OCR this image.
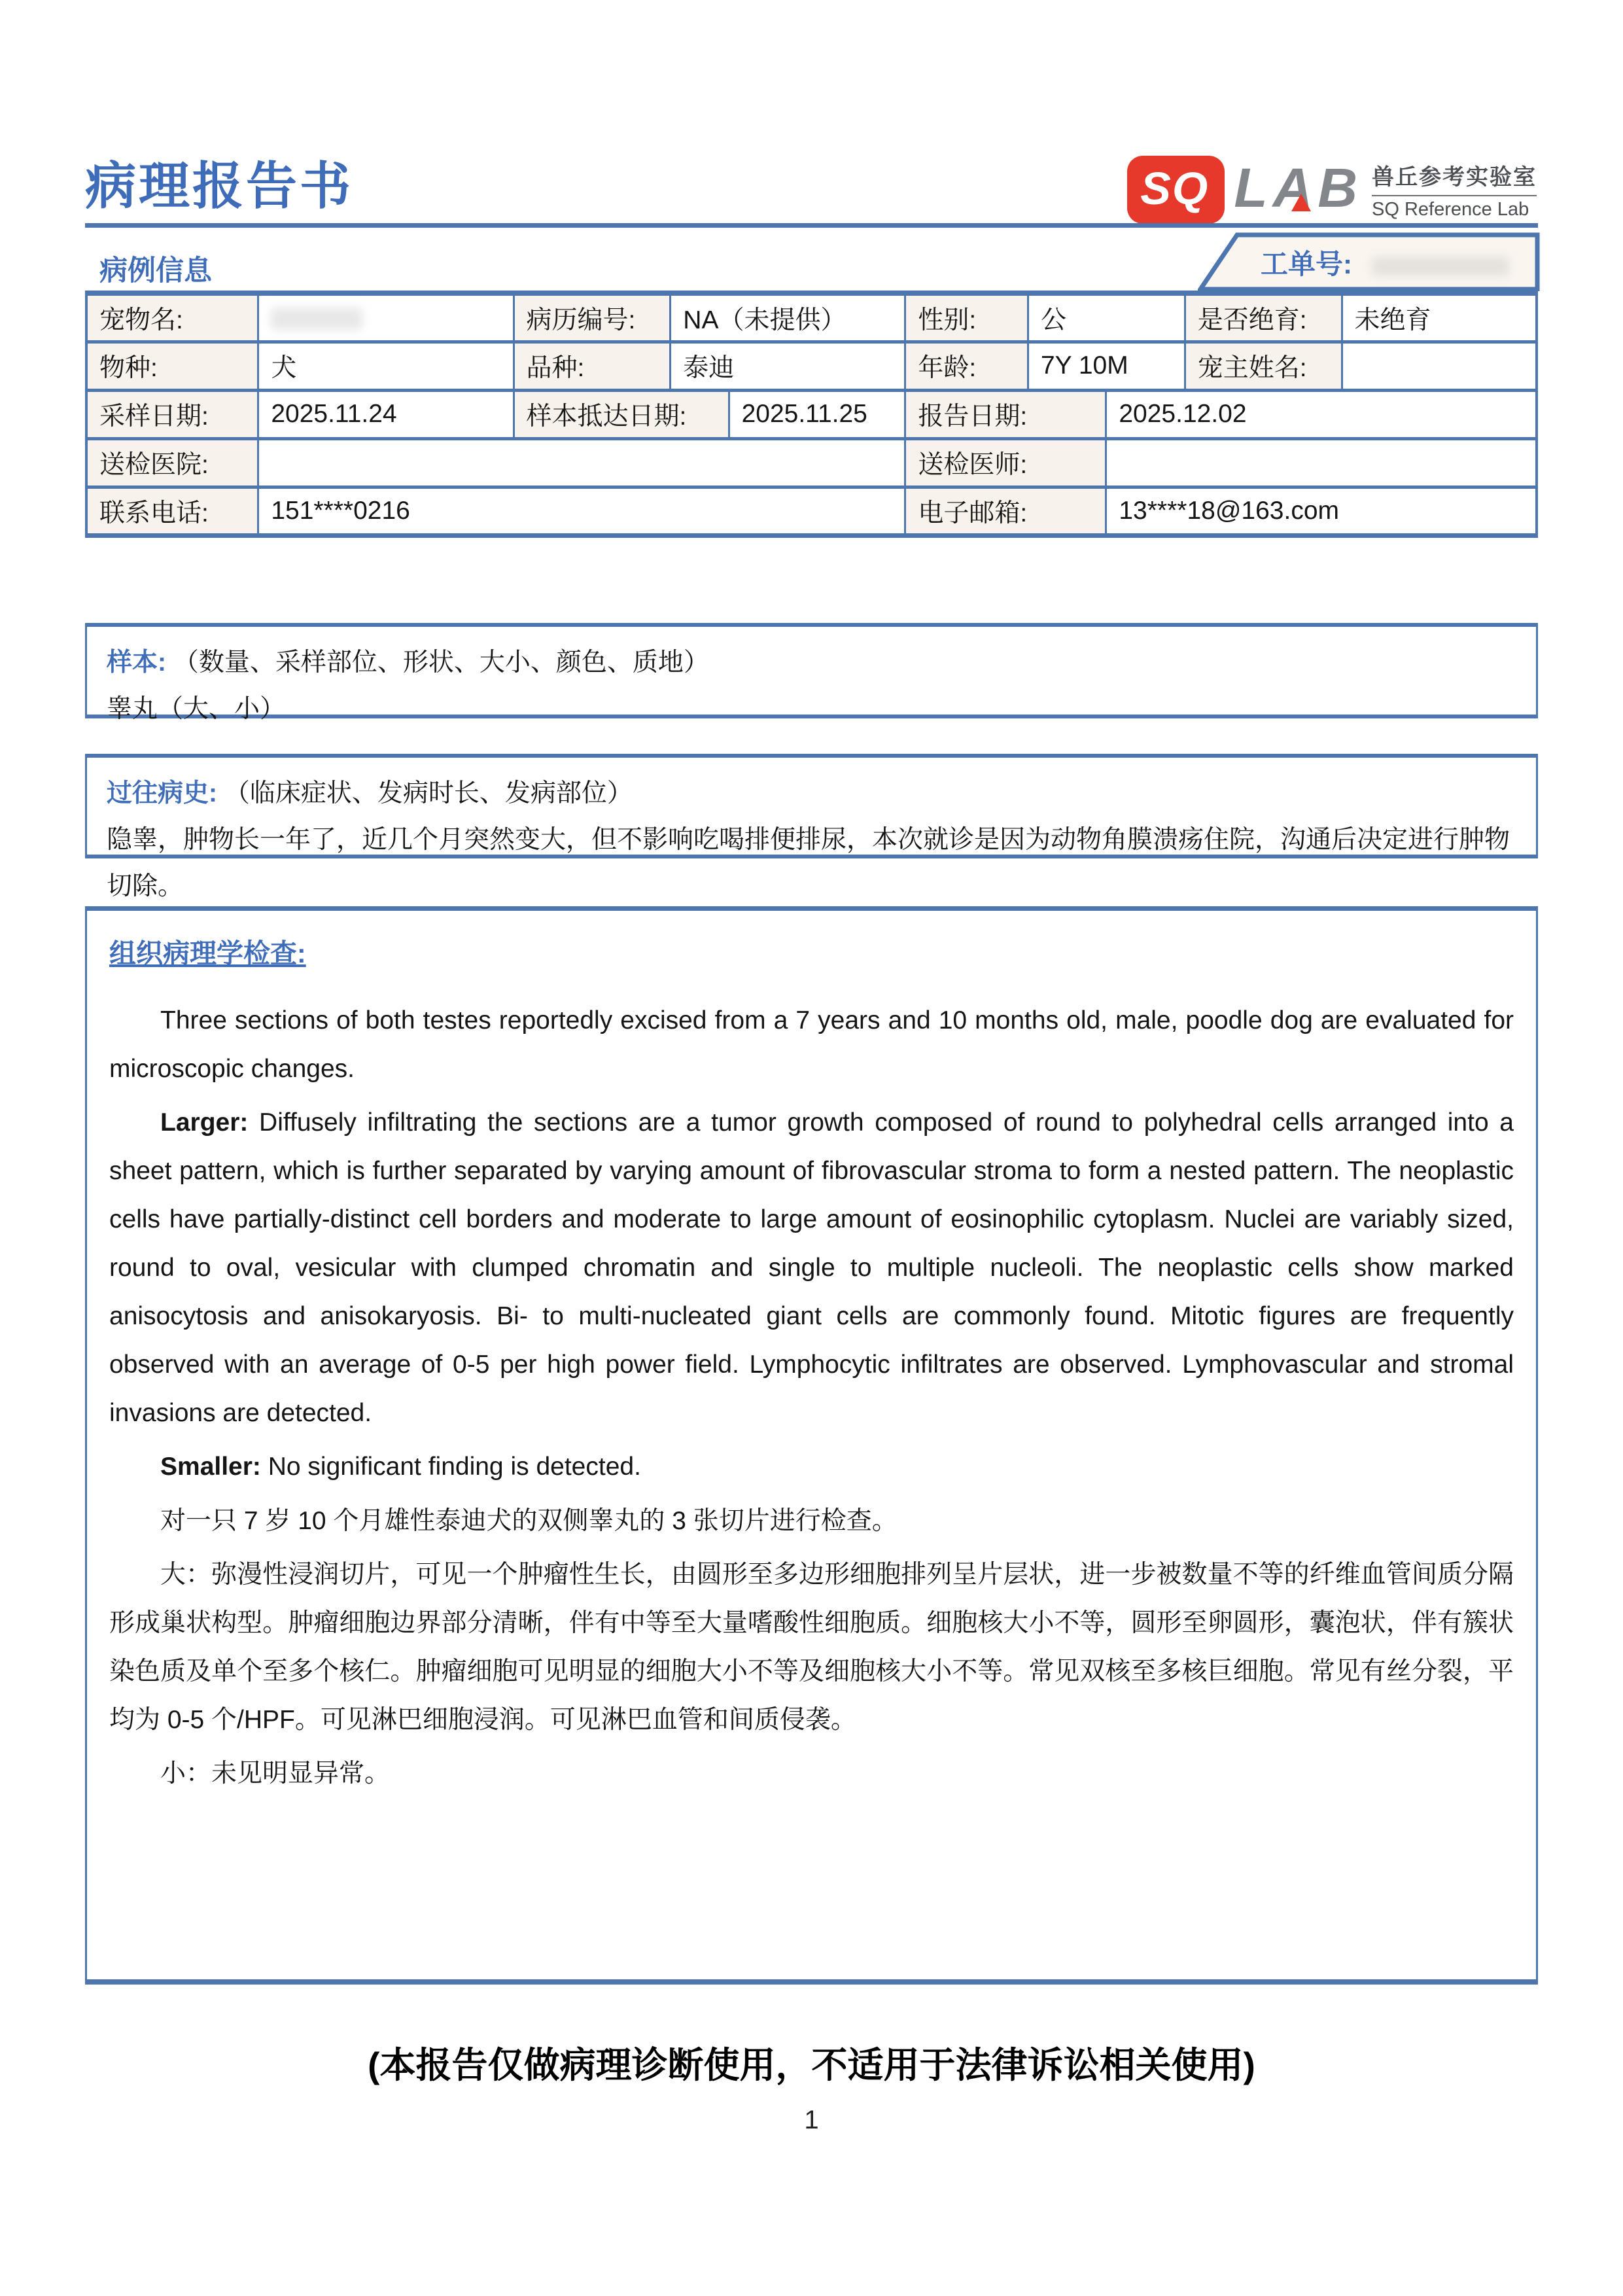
病理报告书	SQ LAB 兽丘参考实验室
SQ Reference Lab
病例信息	工单号:
宠物名:		病历编号:	NA（未提供）		性别:	公		是否绝育:	未绝育
物种:	犬	品种:	泰迪		年龄:	7Y 10M		宠主姓名:	
采样日期:	2025.11.24	样本抵达日期:		2025.11.25	报告日期:		2025.12.02		
送检医院:					送检医师:				
联系电话:	151****0216				电子邮箱:		13****18@163.com		
样本: （数量、采样部位、形状、大小、颜色、质地）
睾丸（大、小）
过往病史: （临床症状、发病时长、发病部位）
隐睾，肿物长一年了，近几个月突然变大，但不影响吃喝排便排尿，本次就诊是因为动物角膜溃疡住院，沟通后决定进行肿物切除。
组织病理学检查:

Three sections of both testes reportedly excised from a 7 years and 10 months old, male, poodle dog are evaluated for microscopic changes.

Larger: Diffusely infiltrating the sections are a tumor growth composed of round to polyhedral cells arranged into a sheet pattern, which is further separated by varying amount of fibrovascular stroma to form a nested pattern. The neoplastic cells have partially-distinct cell borders and moderate to large amount of eosinophilic cytoplasm. Nuclei are variably sized, round to oval, vesicular with clumped chromatin and single to multiple nucleoli. The neoplastic cells show marked anisocytosis and anisokaryosis. Bi- to multi-nucleated giant cells are commonly found. Mitotic figures are frequently observed with an average of 0-5 per high power field. Lymphocytic infiltrates are observed. Lymphovascular and stromal invasions are detected.

Smaller: No significant finding is detected.

对一只 7 岁 10 个月雄性泰迪犬的双侧睾丸的 3 张切片进行检查。

大：弥漫性浸润切片，可见一个肿瘤性生长，由圆形至多边形细胞排列呈片层状，进一步被数量不等的纤维血管间质分隔形成巢状构型。肿瘤细胞边界部分清晰，伴有中等至大量嗜酸性细胞质。细胞核大小不等，圆形至卵圆形，囊泡状，伴有簇状染色质及单个至多个核仁。肿瘤细胞可见明显的细胞大小不等及细胞核大小不等。常见双核至多核巨细胞。常见有丝分裂，平均为 0-5 个/HPF。可见淋巴细胞浸润。可见淋巴血管和间质侵袭。

小：未见明显异常。

(本报告仅做病理诊断使用，不适用于法律诉讼相关使用)
1
